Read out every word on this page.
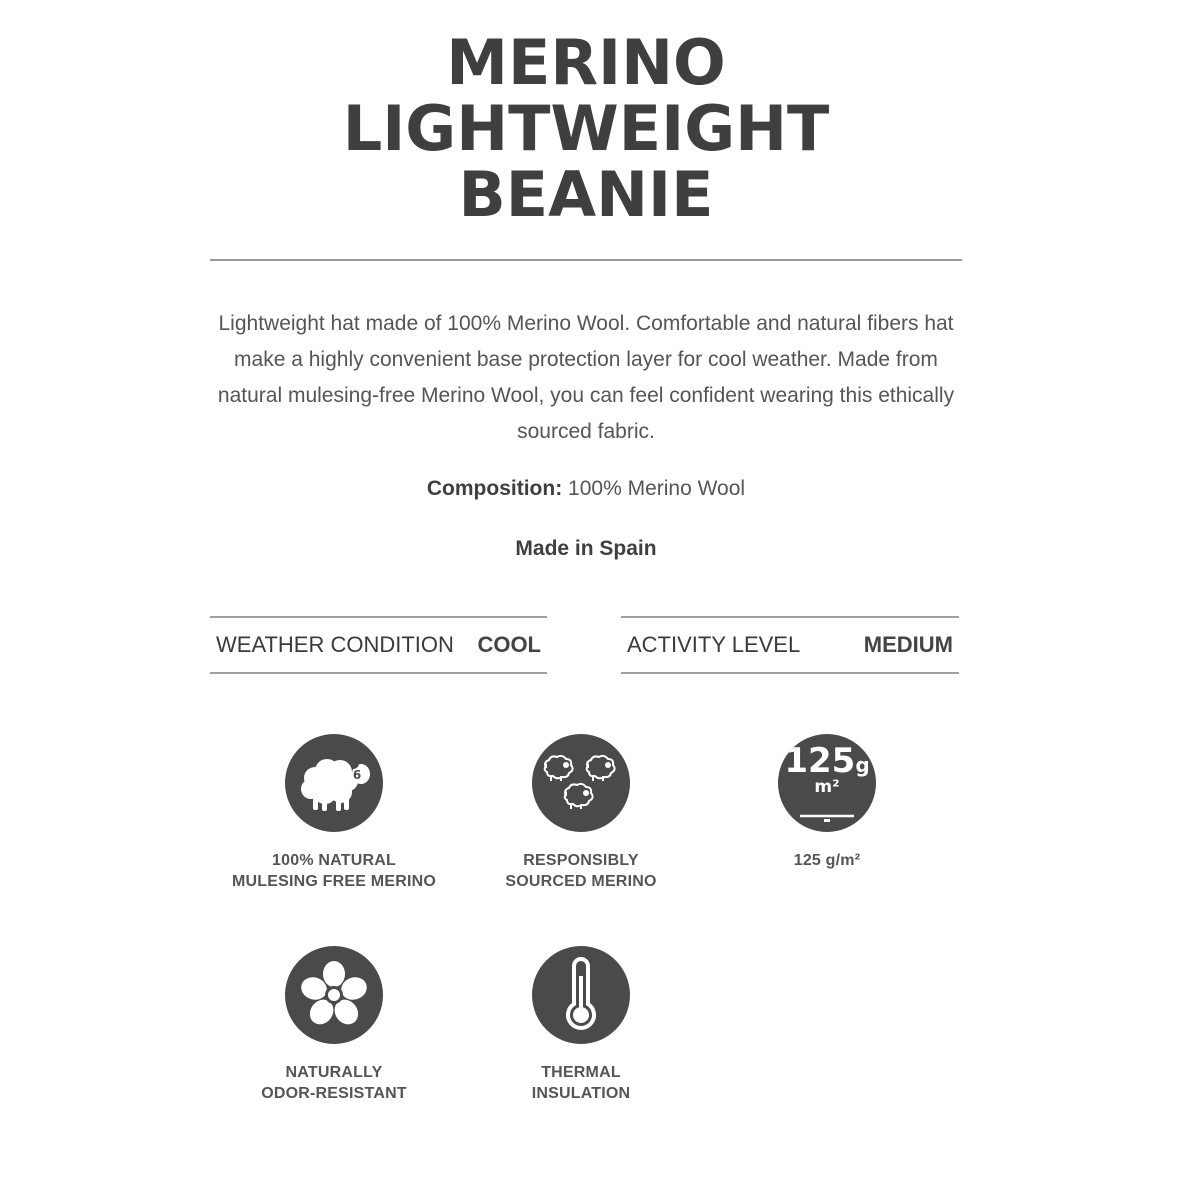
MERINO
LIGHTWEIGHT
BEANIE

Lightweight hat made of 100% Merino Wool. Comfortable and natural fibers hat make a highly convenient base protection layer for cool weather. Made from natural mulesing-free Merino Wool, you can feel confident wearing this ethically sourced fabric.

Composition: 100% Merino Wool
Made in Spain
WEATHER CONDITION COOL	ACTIVITY LEVEL	MEDIUM
6
100% NATURAL
MULESING FREE MERINO
RESPONSIBLY
SOURCED MERINO
125g
m²
125 g/m²
NATURALLY
ODOR-RESISTANT
THERMAL
INSULATION
